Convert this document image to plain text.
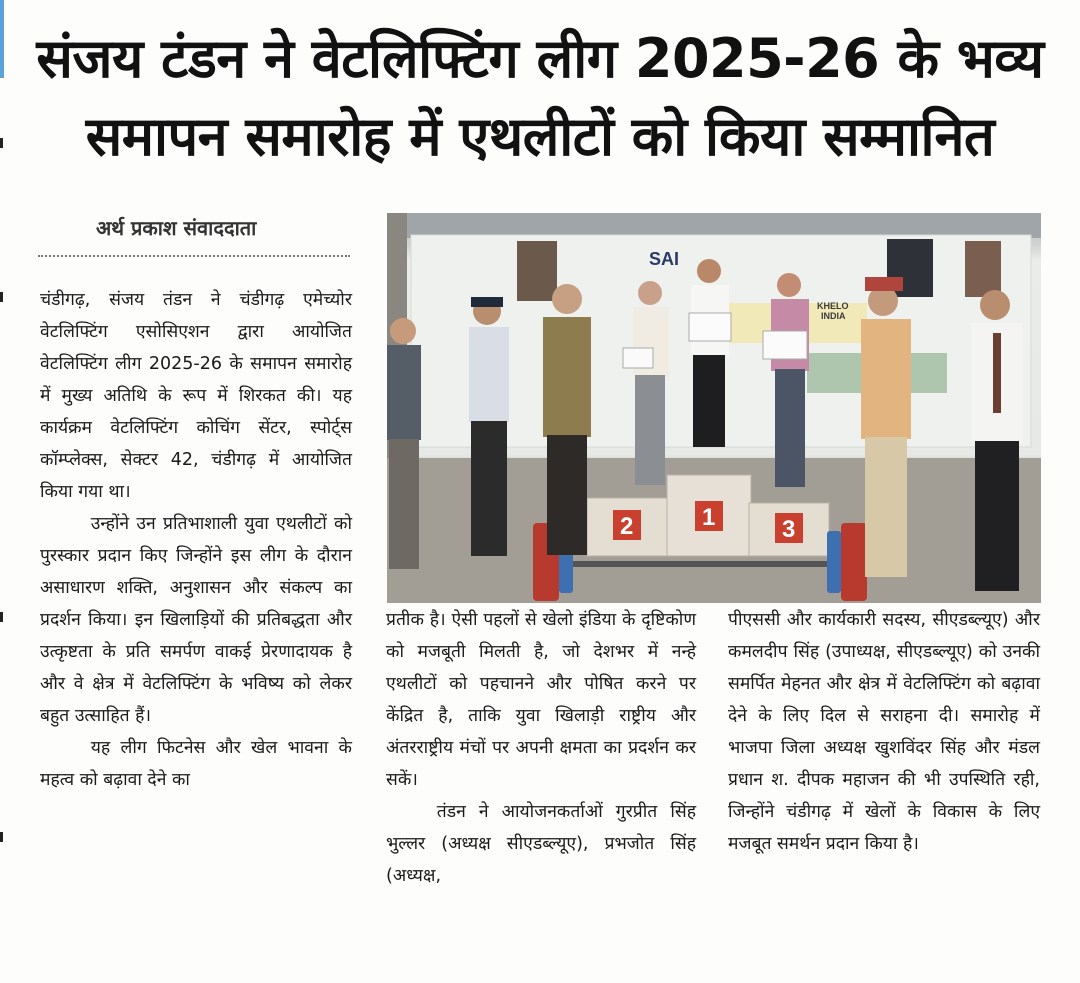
संजय टंडन ने वेटलिफ्टिंग लीग 2025-26 के भव्य
समापन समारोह में एथलीटों को किया सम्मानित
अर्थ प्रकाश संवाददाता

चंडीगढ़, संजय तंडन ने चंडीगढ़ एमेच्योर वेटलिफ्टिंग एसोसिएशन द्वारा आयोजित वेटलिफ्टिंग लीग 2025-26 के समापन समारोह में मुख्य अतिथि के रूप में शिरकत की। यह कार्यक्रम वेटलिफ्टिंग कोचिंग सेंटर, स्पोर्ट्स कॉम्प्लेक्स, सेक्टर 42, चंडीगढ़ में आयोजित किया गया था।

उन्होंने उन प्रतिभाशाली युवा एथलीटों को पुरस्कार प्रदान किए जिन्होंने इस लीग के दौरान असाधारण शक्ति, अनुशासन और संकल्प का प्रदर्शन किया। इन खिलाड़ियों की प्रतिबद्धता और उत्कृष्टता के प्रति समर्पण वाकई प्रेरणादायक है और वे क्षेत्र में वेटलिफ्टिंग के भविष्य को लेकर बहुत उत्साहित हैं।

यह लीग फिटनेस और खेल भावना के महत्व को बढ़ावा देने का

SAI
KHELO
INDIA
2	1	3

प्रतीक है। ऐसी पहलों से खेलो इंडिया के दृष्टिकोण को मजबूती मिलती है, जो देशभर में नन्हे एथलीटों को पहचानने और पोषित करने पर केंद्रित है, ताकि युवा खिलाड़ी राष्ट्रीय और अंतरराष्ट्रीय मंचों पर अपनी क्षमता का प्रदर्शन कर सकें।

तंडन ने आयोजनकर्ताओं गुरप्रीत सिंह भुल्लर (अध्यक्ष सीएडब्ल्यूए), प्रभजोत सिंह (अध्यक्ष,

पीएससी और कार्यकारी सदस्य, सीएडब्ल्यूए) और कमलदीप सिंह (उपाध्यक्ष, सीएडब्ल्यूए) को उनकी समर्पित मेहनत और क्षेत्र में वेटलिफ्टिंग को बढ़ावा देने के लिए दिल से सराहना दी। समारोह में भाजपा जिला अध्यक्ष खुशविंदर सिंह और मंडल प्रधान श. दीपक महाजन की भी उपस्थिति रही, जिन्होंने चंडीगढ़ में खेलों के विकास के लिए मजबूत समर्थन प्रदान किया है।
